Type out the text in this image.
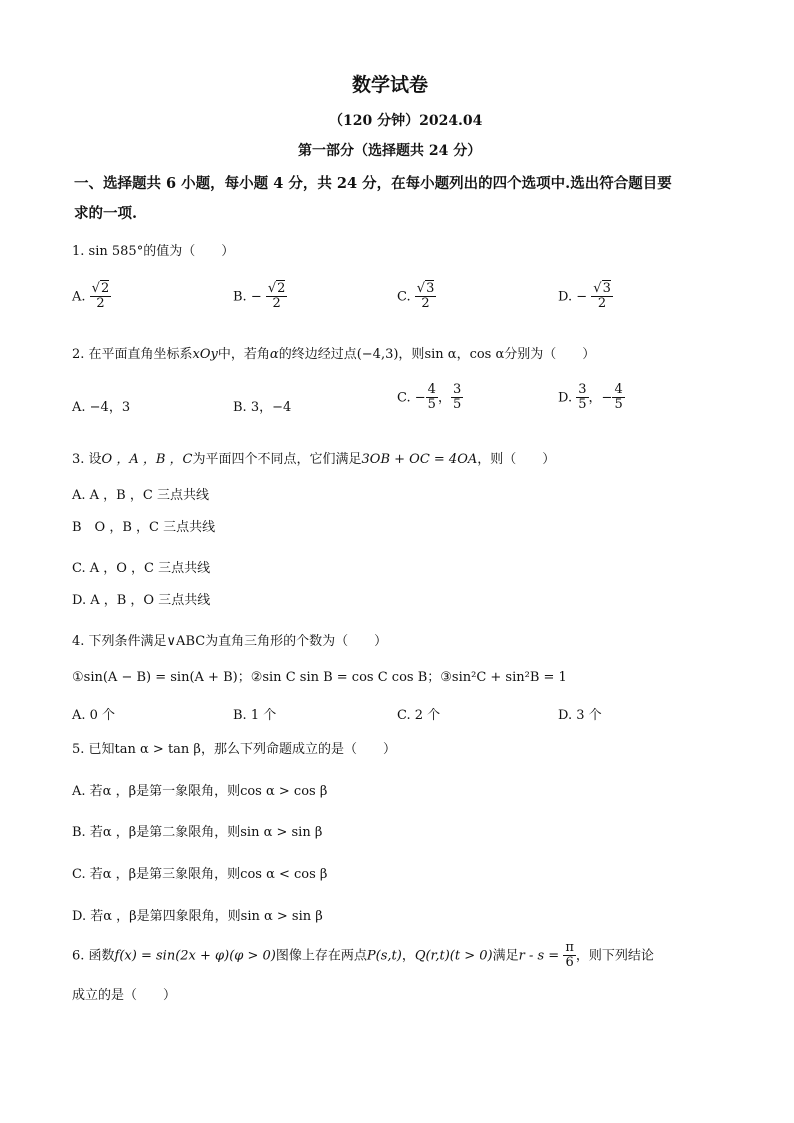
数学试卷
（120 分钟）2024.04
第一部分（选择题共 24 分）
一、选择题共 6 小题，每小题 4 分，共 24 分，在每小题列出的四个选项中.选出符合题目要
求的一项.
1. sin 585°的值为（　　）
A. $\frac{√2}{2}$	B. − $\frac{√2}{2}$	C. $\frac{√3}{2}$	D. − $\frac{√3}{2}$
2. 在平面直角坐标系xOy中，若角α的终边经过点(−4,3)，则sin α，cos α分别为（　　）
A. −4，3	B. 3，−4
C. − $\frac{4}{5}$ ， $\frac{3}{5}$	D. $\frac{3}{5}$ ，− $\frac{4}{5}$
3. 设O ，A ，B ，C为平面四个不同点，它们满足3OB + OC = 4OA，则（　　）
A. A ，B ，C 三点共线
B　O ，B ，C 三点共线
C. A ，O ，C 三点共线
D. A ，B ，O 三点共线
4. 下列条件满足∨ABC为直角三角形的个数为（　　）
①sin(A − B) = sin(A + B)；②sin C sin B = cos C cos B；③sin²C + sin²B = 1
A. 0 个	B. 1 个	C. 2 个	D. 3 个
5. 已知tan α > tan β，那么下列命题成立的是（　　）
A. 若α ，β是第一象限角，则cos α > cos β
B. 若α ，β是第二象限角，则sin α > sin β
C. 若α ，β是第三象限角，则cos α < cos β
D. 若α ，β是第四象限角，则sin α > sin β
6. 函数f(x) = sin(2x + φ)(φ > 0)图像上存在两点P(s,t)，Q(r,t)(t > 0)满足$r - s = \frac{\pi}{6}$ ，则下列结论
成立的是（　　）
